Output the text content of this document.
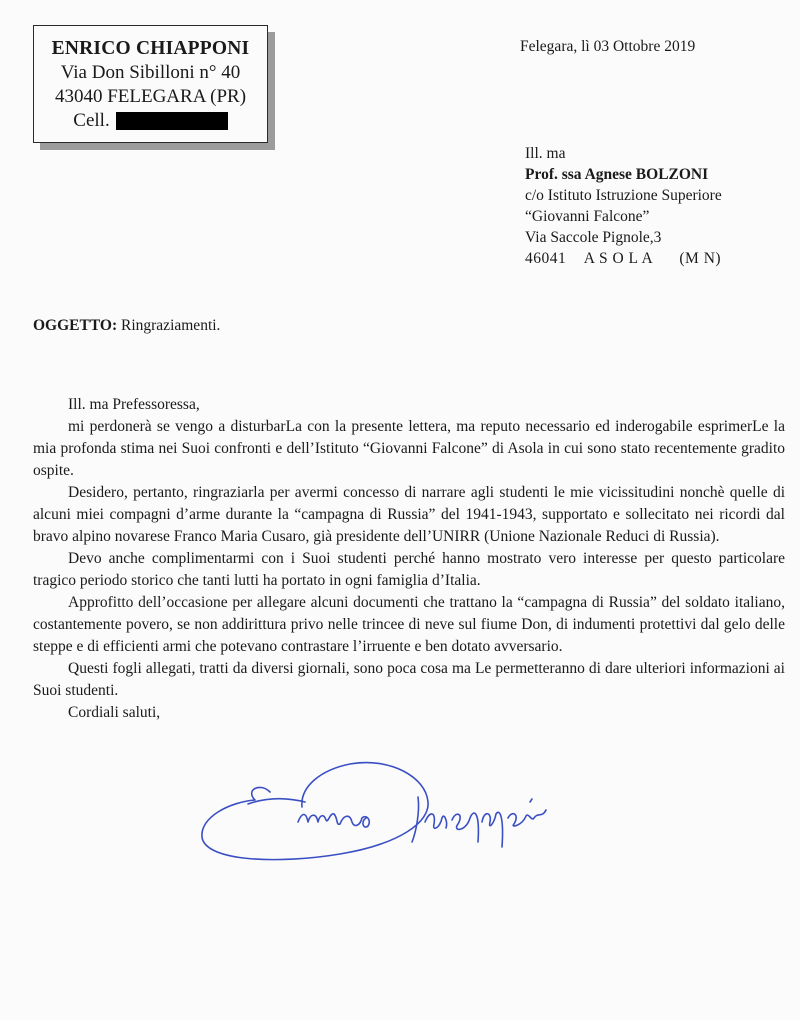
ENRICO CHIAPPONI
Via Don Sibilloni n° 40
43040 FELEGARA (PR)
Cell.
Felegara, lì 03 Ottobre 2019
Ill. ma
Prof. ssa Agnese BOLZONI
c/o Istituto Istruzione Superiore
“Giovanni Falcone”
Via Saccole Pignole,3
46041 A S O L A (M N)
OGGETTO: Ringraziamenti.

Ill. ma Prefessoressa,

mi perdonerà se vengo a disturbarLa con la presente lettera, ma reputo necessario ed inderogabile esprimerLe la mia profonda stima nei Suoi confronti e dell’Istituto “Giovanni Falcone” di Asola in cui sono stato recentemente gradito ospite.

Desidero, pertanto, ringraziarla per avermi concesso di narrare agli studenti le mie vicissitudini nonchè quelle di alcuni miei compagni d’arme durante la “campagna di Russia” del 1941-1943, supportato e sollecitato nei ricordi dal bravo alpino novarese Franco Maria Cusaro, già presidente dell’UNIRR (Unione Nazionale Reduci di Russia).

Devo anche complimentarmi con i Suoi studenti perché hanno mostrato vero interesse per questo particolare tragico periodo storico che tanti lutti ha portato in ogni famiglia d’Italia.

Approfitto dell’occasione per allegare alcuni documenti che trattano la “campagna di Russia” del soldato italiano, costantemente povero, se non addirittura privo nelle trincee di neve sul fiume Don, di indumenti protettivi dal gelo delle steppe e di efficienti armi che potevano contrastare l’irruente e ben dotato avversario.

Questi fogli allegati, tratti da diversi giornali, sono poca cosa ma Le permetteranno di dare ulteriori informazioni ai Suoi studenti.

Cordiali saluti,
